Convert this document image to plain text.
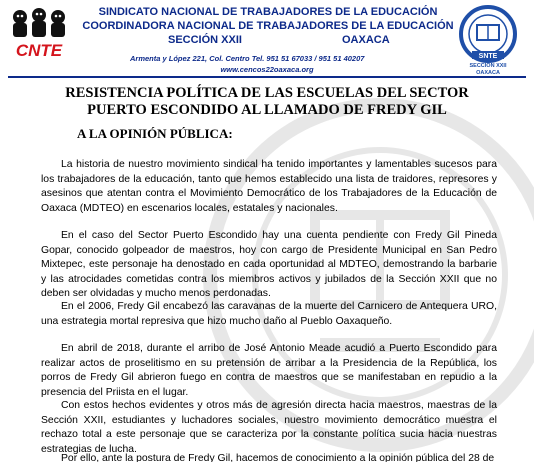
CNTE
SINDICATO NACIONAL DE TRABAJADORES DE LA EDUCACIÓN
COORDINADORA NACIONAL DE TRABAJADORES DE LA EDUCACIÓN
SECCIÓN XXII	OAXACA
Armenta y López 221, Col. Centro Tel. 951 51 67033 / 951 51 40207
www.cencos22oaxaca.org
SNTE
SECCION XXII
OAXACA
RESISTENCIA POLÍTICA DE LAS ESCUELAS DEL SECTOR PUERTO ESCONDIDO AL LLAMADO DE FREDY GIL
A LA OPINIÓN PÚBLICA:

La historia de nuestro movimiento sindical ha tenido importantes y lamentables sucesos para los trabajadores de la educación, tanto que hemos establecido una lista de traidores, represores y asesinos que atentan contra el Movimiento Democrático de los Trabajadores de la Educación de Oaxaca (MDTEO) en escenarios locales, estatales y nacionales.

En el caso del Sector Puerto Escondido hay una cuenta pendiente con Fredy Gil Pineda Gopar, conocido golpeador de maestros, hoy con cargo de Presidente Municipal en San Pedro Mixtepec, este personaje ha denostado en cada oportunidad al MDTEO, demostrando la barbarie y las atrocidades cometidas contra los miembros activos y jubilados de la Sección XXII que no deben ser olvidadas y mucho menos perdonadas.

En el 2006, Fredy Gil encabezó las caravanas de la muerte del Carnicero de Antequera URO, una estrategia mortal represiva que hizo mucho daño al Pueblo Oaxaqueño.

En abril de 2018, durante el arribo de José Antonio Meade acudió a Puerto Escondido para realizar actos de proselitismo en su pretensión de arribar a la Presidencia de la República, los porros de Fredy Gil abrieron fuego en contra de maestros que se manifestaban en repudio a la presencia del Priista en el lugar.

Con estos hechos evidentes y otros más de agresión directa hacia maestros, maestras de la Sección XXII, estudiantes y luchadores sociales, nuestro movimiento democrático muestra el rechazo total a este personaje que se caracteriza por la constante política sucia hacia nuestras estrategias de lucha.

Por ello, ante la postura de Fredy Gil, hacemos de conocimiento a la opinión pública del 28 de
